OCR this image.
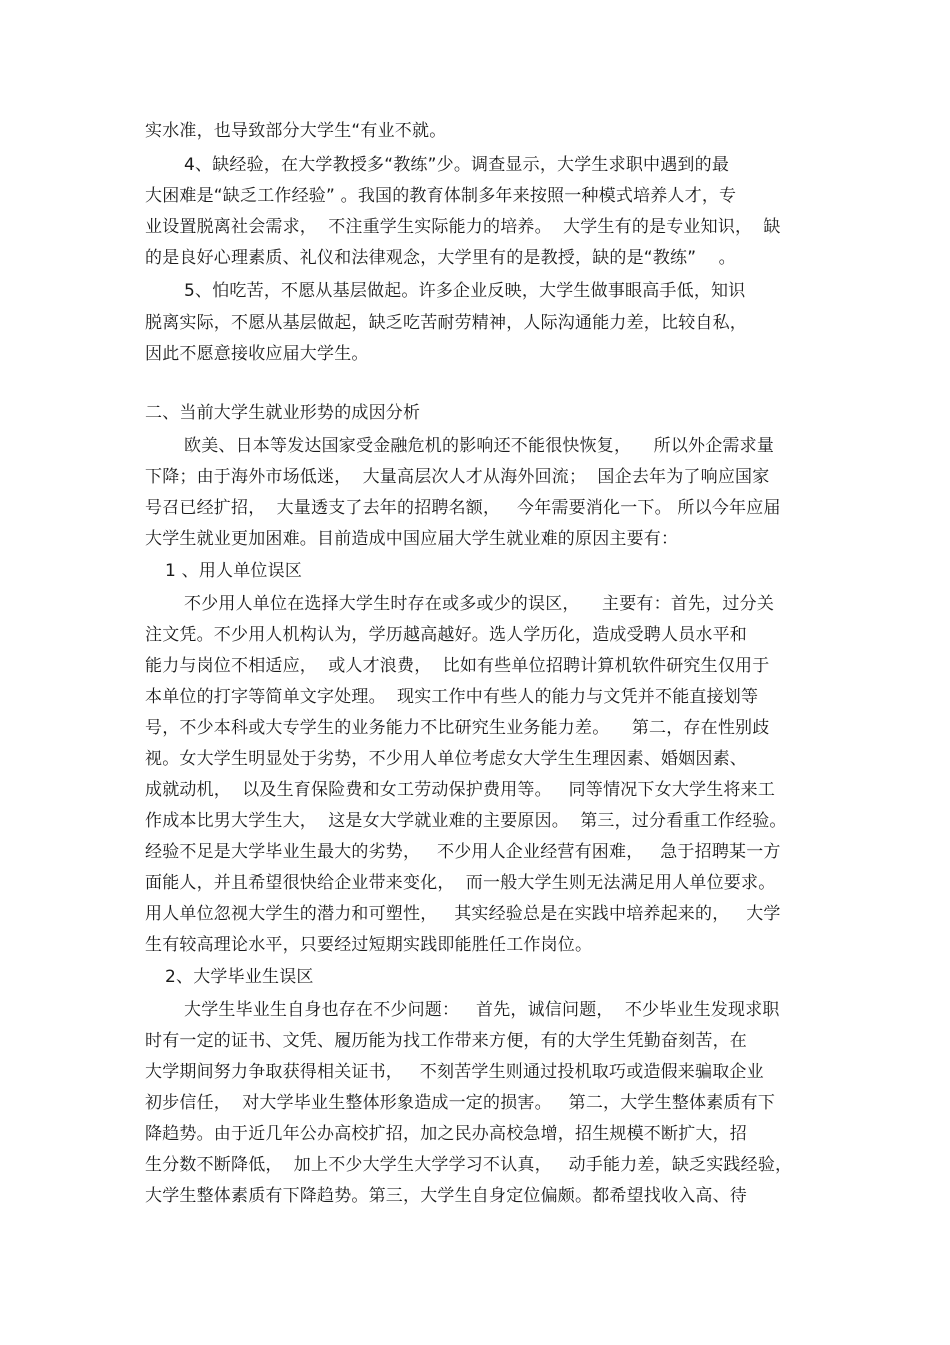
实水准，也导致部分大学生“有业不就。
4、缺经验，在大学教授多“教练”少。调查显示，大学生求职中遇到的最
大困难是“缺乏工作经验” 。我国的教育体制多年来按照一种模式培养人才，专
业设置脱离社会需求，  不注重学生实际能力的培养。  大学生有的是专业知识，  缺
的是良好心理素质、礼仪和法律观念，大学里有的是教授，缺的是“教练”    。
5、怕吃苦，不愿从基层做起。许多企业反映，大学生做事眼高手低，知识
脱离实际，不愿从基层做起，缺乏吃苦耐劳精神，人际沟通能力差，比较自私，
因此不愿意接收应届大学生。
二、当前大学生就业形势的成因分析
欧美、日本等发达国家受金融危机的影响还不能很快恢复，    所以外企需求量
下降；由于海外市场低迷，  大量高层次人才从海外回流；  国企去年为了响应国家
号召已经扩招，  大量透支了去年的招聘名额，   今年需要消化一下。 所以今年应届
大学生就业更加困难。目前造成中国应届大学生就业难的原因主要有：
1 、用人单位误区
不少用人单位在选择大学生时存在或多或少的误区，    主要有：首先，过分关
注文凭。不少用人机构认为，学历越高越好。选人学历化，造成受聘人员水平和
能力与岗位不相适应，  或人才浪费，  比如有些单位招聘计算机软件研究生仅用于
本单位的打字等简单文字处理。  现实工作中有些人的能力与文凭并不能直接划等
号，不少本科或大专学生的业务能力不比研究生业务能力差。    第二，存在性别歧
视。女大学生明显处于劣势，不少用人单位考虑女大学生生理因素、婚姻因素、
成就动机，  以及生育保险费和女工劳动保护费用等。   同等情况下女大学生将来工
作成本比男大学生大，  这是女大学就业难的主要原因。  第三，过分看重工作经验。
经验不足是大学毕业生最大的劣势，   不少用人企业经营有困难，   急于招聘某一方
面能人，并且希望很快给企业带来变化，  而一般大学生则无法满足用人单位要求。
用人单位忽视大学生的潜力和可塑性，   其实经验总是在实践中培养起来的，   大学
生有较高理论水平，只要经过短期实践即能胜任工作岗位。
2、大学毕业生误区
大学生毕业生自身也存在不少问题：   首先，诚信问题，  不少毕业生发现求职
时有一定的证书、文凭、履历能为找工作带来方便，有的大学生凭勤奋刻苦，在
大学期间努力争取获得相关证书，   不刻苦学生则通过投机取巧或造假来骗取企业
初步信任，  对大学毕业生整体形象造成一定的损害。   第二，大学生整体素质有下
降趋势。由于近几年公办高校扩招，加之民办高校急增，招生规模不断扩大，招
生分数不断降低，  加上不少大学生大学学习不认真，   动手能力差，缺乏实践经验，
大学生整体素质有下降趋势。第三，大学生自身定位偏颇。都希望找收入高、待
